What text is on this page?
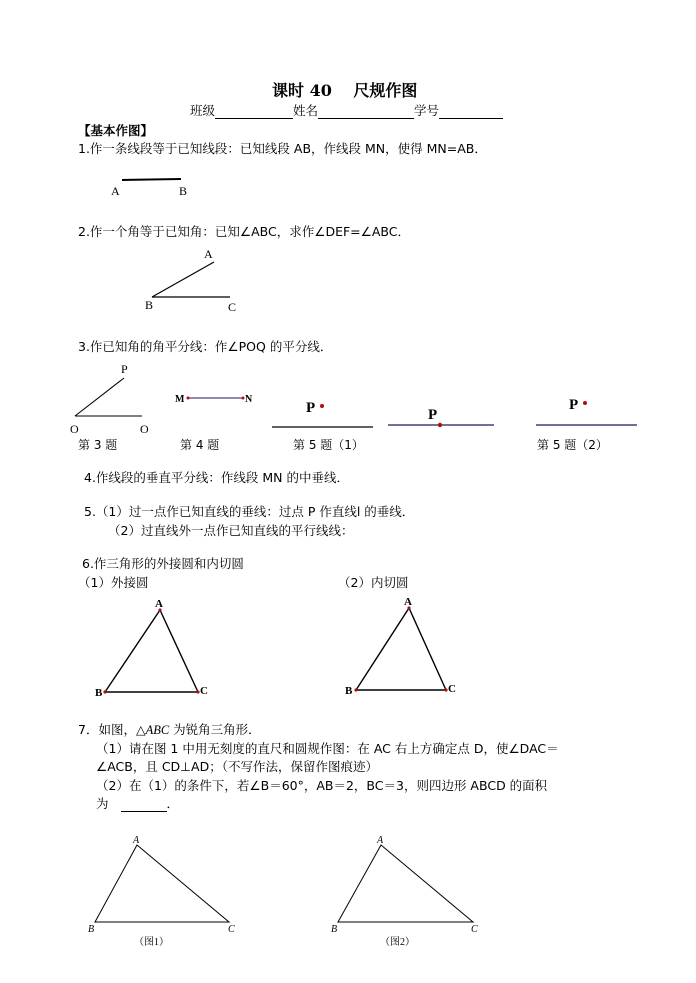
课时 40　 尺规作图
班级	姓名	学号
【基本作图】
1.作一条线段等于已知线段：已知线段 AB，作线段 MN，使得 MN=AB．
2.作一个角等于已知角：已知∠ABC，求作∠DEF=∠ABC．
3.作已知角的角平分线：作∠POQ 的平分线．
第 3 题	第 4 题	第 5 题（1）	第 5 题（2）
4.作线段的垂直平分线：作线段 MN 的中垂线．
5.（1）过一点作已知直线的垂线：过点 P 作直线l 的垂线．
（2）过直线外一点作已知直线的平行线线：
6.作三角形的外接圆和内切圆
（1）外接圆	（2）内切圆
7．如图，△ABC 为锐角三角形．
（1）请在图 1 中用无刻度的直尺和圆规作图：在 AC 右上方确定点 D，使∠DAC＝
∠ACB，且 CD⊥AD；（不写作法，保留作图痕迹）
（2）在（1）的条件下，若∠B＝60°，AB＝2，BC＝3，则四边形 ABCD 的面积
为	．
A	B
A
B	C
P
O	O
M	N
P	P
P
A
B	C
A
B	C
A
B	C
（图1）
A
B	C
（图2）
